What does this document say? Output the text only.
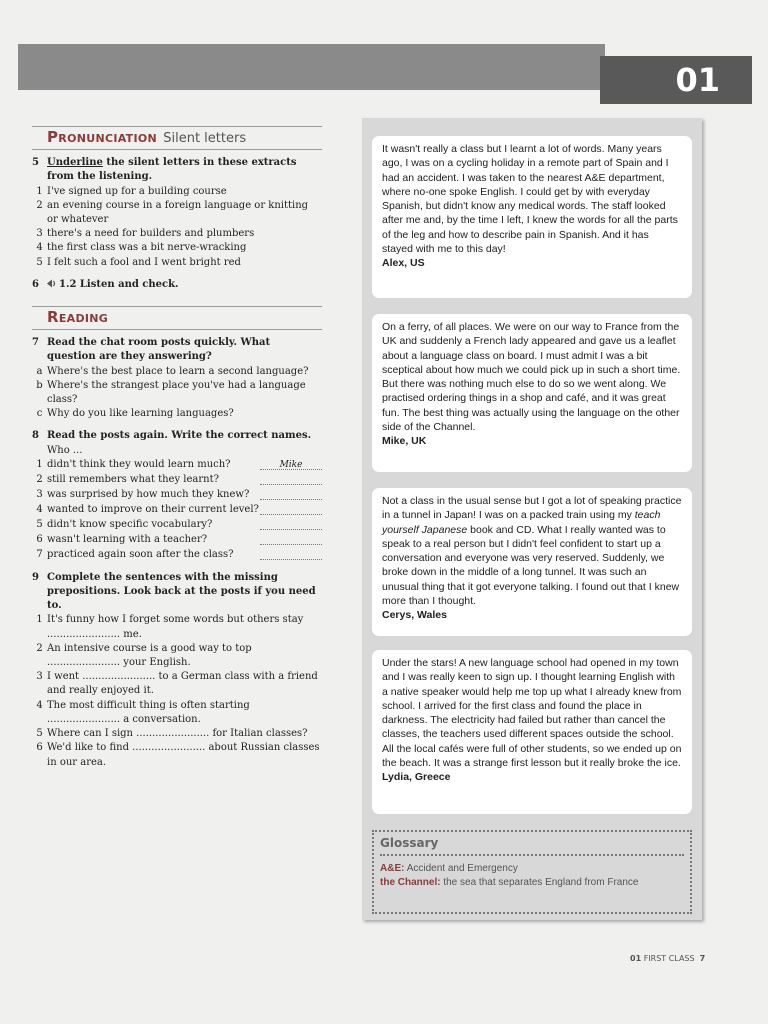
01
Pronunciation Silent letters
5 Underline the silent letters in these extracts from the listening.
1 I've signed up for a building course
2 an evening course in a foreign language or knitting or whatever
3 there's a need for builders and plumbers
4 the first class was a bit nerve-wracking
5 I felt such a fool and I went bright red
6	1.2 Listen and check.
Reading
7 Read the chat room posts quickly. What question are they answering?
a Where's the best place to learn a second language?
b Where's the strangest place you've had a language class?
c Why do you like learning languages?
8 Read the posts again. Write the correct names.
Who ...
1 didn't think they would learn much?	Mike
2 still remembers what they learnt?
3 was surprised by how much they knew?
4 wanted to improve on their current level?
5 didn't know specific vocabulary?
6 wasn't learning with a teacher?
7 practiced again soon after the class?
9 Complete the sentences with the missing prepositions. Look back at the posts if you need to.
1 It's funny how I forget some words but others stay ....................... me.
2 An intensive course is a good way to top ....................... your English.
3 I went ....................... to a German class with a friend and really enjoyed it.
4 The most difficult thing is often starting ....................... a conversation.
5 Where can I sign ....................... for Italian classes?
6 We'd like to find ....................... about Russian classes in our area.
It wasn't really a class but I learnt a lot of words. Many years ago, I was on a cycling holiday in a remote part of Spain and I had an accident. I was taken to the nearest A&E department, where no-one spoke English. I could get by with everyday Spanish, but didn't know any medical words. The staff looked after me and, by the time I left, I knew the words for all the parts of the leg and how to describe pain in Spanish. And it has stayed with me to this day!
Alex, US
On a ferry, of all places. We were on our way to France from the UK and suddenly a French lady appeared and gave us a leaflet about a language class on board. I must admit I was a bit sceptical about how much we could pick up in such a short time. But there was nothing much else to do so we went along. We practised ordering things in a shop and café, and it was great fun. The best thing was actually using the language on the other side of the Channel.
Mike, UK
Not a class in the usual sense but I got a lot of speaking practice in a tunnel in Japan! I was on a packed train using my teach yourself Japanese book and CD. What I really wanted was to speak to a real person but I didn't feel confident to start up a conversation and everyone was very reserved. Suddenly, we broke down in the middle of a long tunnel. It was such an unusual thing that it got everyone talking. I found out that I knew more than I thought.
Cerys, Wales
Under the stars! A new language school had opened in my town and I was really keen to sign up. I thought learning English with a native speaker would help me top up what I already knew from school. I arrived for the first class and found the place in darkness. The electricity had failed but rather than cancel the classes, the teachers used different spaces outside the school. All the local cafés were full of other students, so we ended up on the beach. It was a strange first lesson but it really broke the ice.
Lydia, Greece
Glossary
A&E: Accident and Emergency
the Channel: the sea that separates England from France
01 FIRST CLASS 7
